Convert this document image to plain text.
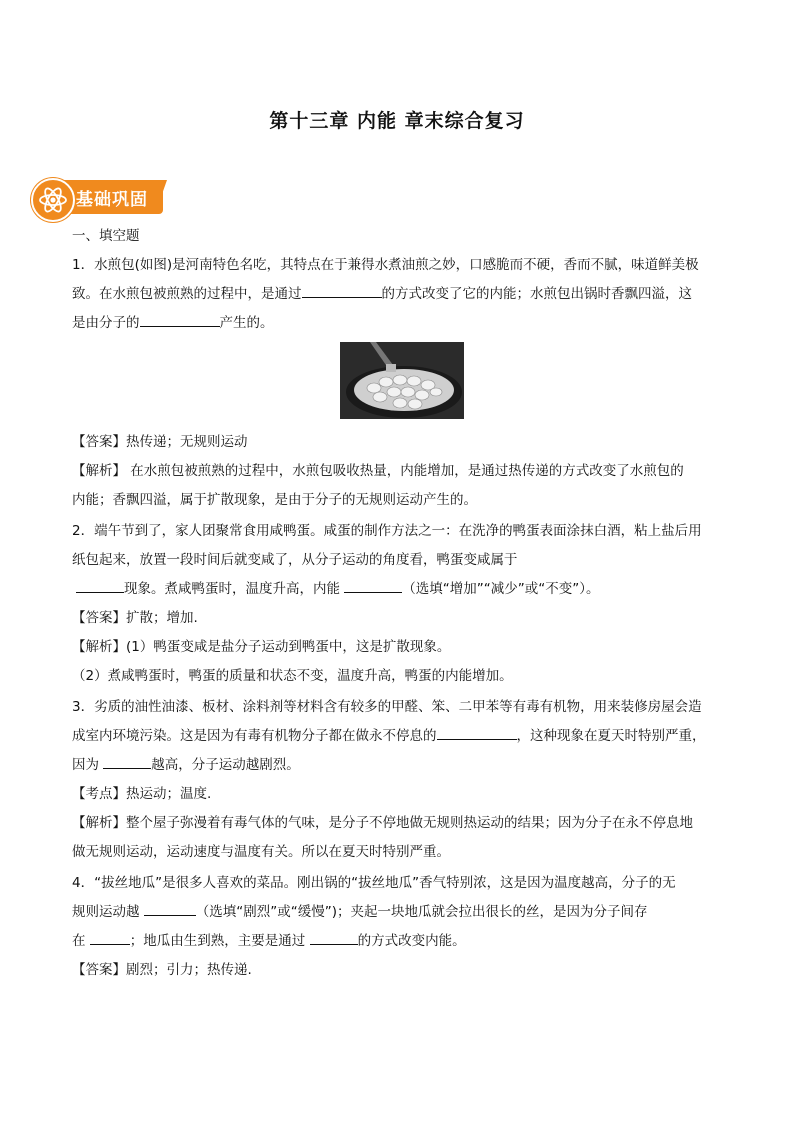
第十三章 内能 章末综合复习
基础巩固

一、填空题

1．水煎包(如图)是河南特色名吃，其特点在于兼得水煮油煎之妙，口感脆而不硬，香而不腻，味道鲜美极

致。在水煎包被煎熟的过程中，是通过	的方式改变了它的内能；水煎包出锅时香飘四溢，这

是由分子的	产生的。

【答案】热传递；无规则运动

【解析】 在水煎包被煎熟的过程中，水煎包吸收热量，内能增加，是通过热传递的方式改变了水煎包的

内能；香飘四溢，属于扩散现象，是由于分子的无规则运动产生的。

2．端午节到了，家人团聚常食用咸鸭蛋。咸蛋的制作方法之一：在洗净的鸭蛋表面涂抹白酒，粘上盐后用

纸包起来，放置一段时间后就变咸了，从分子运动的角度看，鸭蛋变咸属于

现象。煮咸鸭蛋时，温度升高，内能	（选填“增加”“减少”或“不变”）。

【答案】扩散；增加.

【解析】(1）鸭蛋变咸是盐分子运动到鸭蛋中，这是扩散现象。

（2）煮咸鸭蛋时，鸭蛋的质量和状态不变，温度升高，鸭蛋的内能增加。

3．劣质的油性油漆、板材、涂料剂等材料含有较多的甲醛、笨、二甲苯等有毒有机物，用来装修房屋会造

成室内环境污染。这是因为有毒有机物分子都在做永不停息的	，这种现象在夏天时特别严重，

因为	越高，分子运动越剧烈。

【考点】热运动；温度.

【解析】整个屋子弥漫着有毒气体的气味，是分子不停地做无规则热运动的结果；因为分子在永不停息地

做无规则运动，运动速度与温度有关。所以在夏天时特别严重。

4．“拔丝地瓜”是很多人喜欢的菜品。刚出锅的“拔丝地瓜”香气特别浓，这是因为温度越高，分子的无

规则运动越	（选填“剧烈”或“缓慢”)；夹起一块地瓜就会拉出很长的丝，是因为分子间存

在	；地瓜由生到熟，主要是通过	的方式改变内能。

【答案】剧烈；引力；热传递.
